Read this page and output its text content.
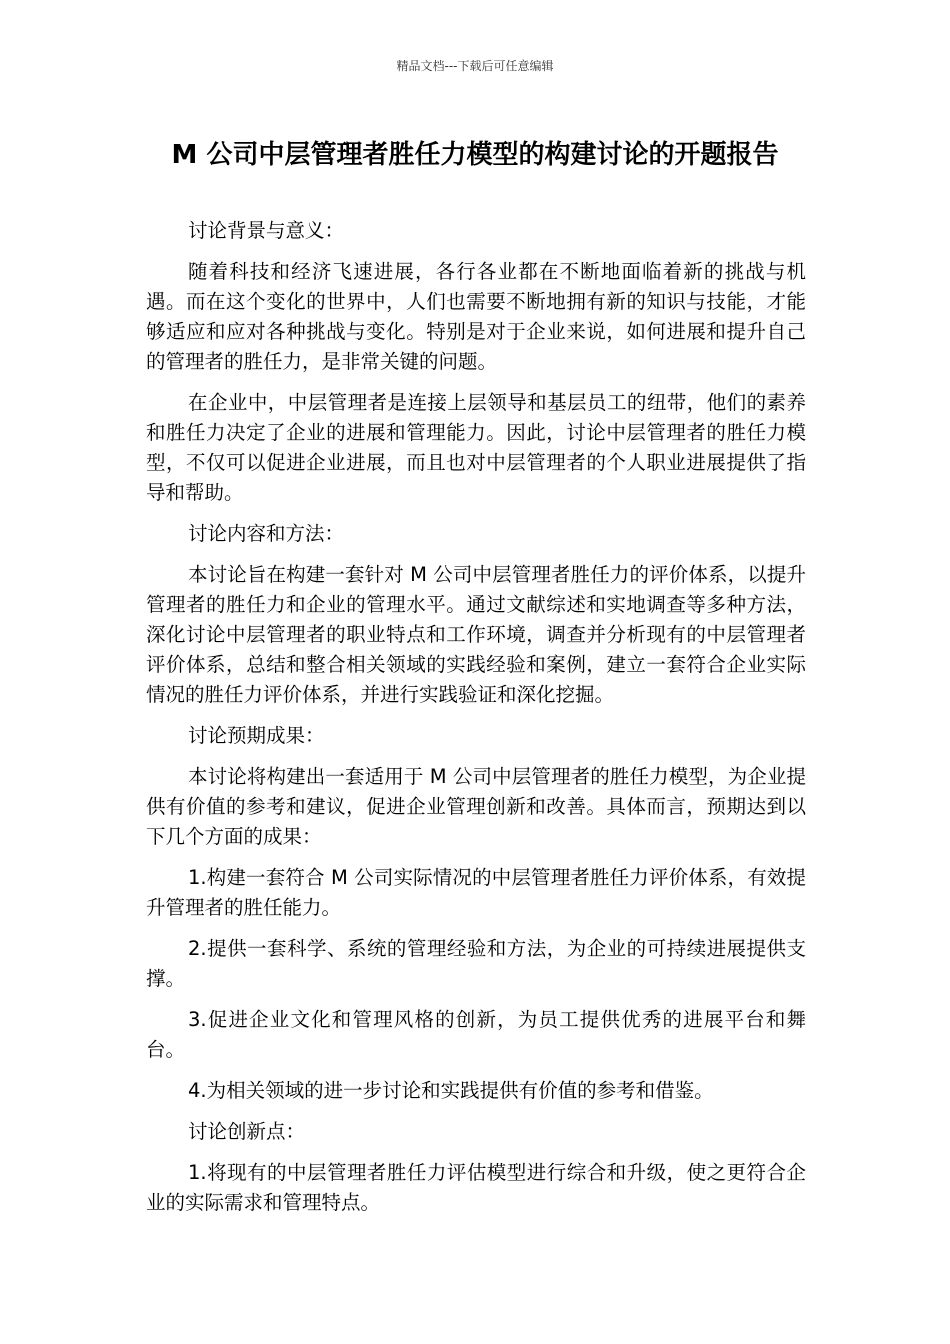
精品文档---下载后可任意编辑
M 公司中层管理者胜任力模型的构建讨论的开题报告

讨论背景与意义：

随着科技和经济飞速进展，各行各业都在不断地面临着新的挑战与机遇。而在这个变化的世界中，人们也需要不断地拥有新的知识与技能，才能够适应和应对各种挑战与变化。特别是对于企业来说，如何进展和提升自己的管理者的胜任力，是非常关键的问题。

在企业中，中层管理者是连接上层领导和基层员工的纽带，他们的素养和胜任力决定了企业的进展和管理能力。因此，讨论中层管理者的胜任力模型，不仅可以促进企业进展，而且也对中层管理者的个人职业进展提供了指导和帮助。

讨论内容和方法：

本讨论旨在构建一套针对 M 公司中层管理者胜任力的评价体系，以提升管理者的胜任力和企业的管理水平。通过文献综述和实地调查等多种方法，深化讨论中层管理者的职业特点和工作环境，调查并分析现有的中层管理者评价体系，总结和整合相关领域的实践经验和案例，建立一套符合企业实际情况的胜任力评价体系，并进行实践验证和深化挖掘。

讨论预期成果：

本讨论将构建出一套适用于 M 公司中层管理者的胜任力模型，为企业提供有价值的参考和建议，促进企业管理创新和改善。具体而言，预期达到以下几个方面的成果：

1.构建一套符合 M 公司实际情况的中层管理者胜任力评价体系，有效提升管理者的胜任能力。

2.提供一套科学、系统的管理经验和方法，为企业的可持续进展提供支撑。

3.促进企业文化和管理风格的创新，为员工提供优秀的进展平台和舞台。

4.为相关领域的进一步讨论和实践提供有价值的参考和借鉴。

讨论创新点：

1.将现有的中层管理者胜任力评估模型进行综合和升级，使之更符合企业的实际需求和管理特点。
